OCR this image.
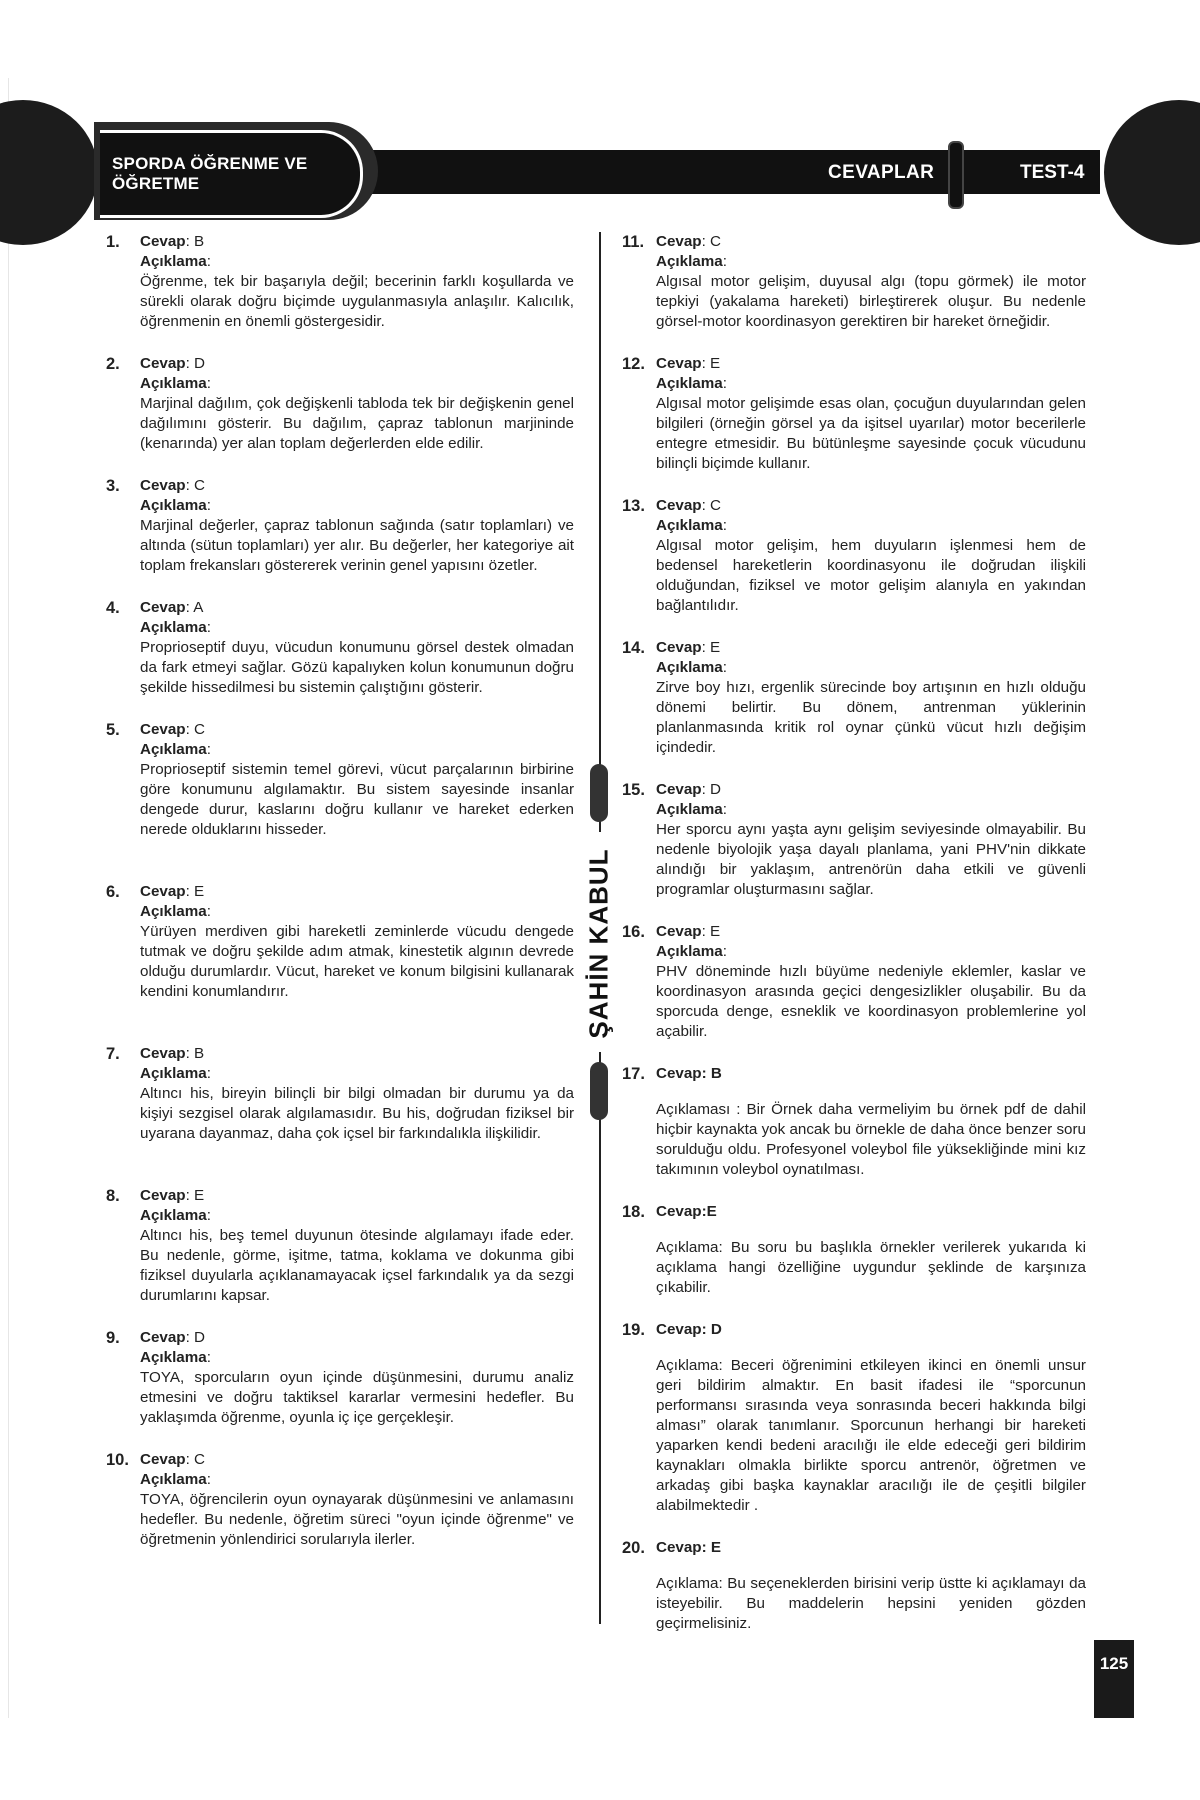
SPORDA ÖĞRENME VE ÖĞRETME
CEVAPLAR	TEST-4
ŞAHİN KABUL
1. Cevap: B
Açıklama:
Öğrenme, tek bir başarıyla değil; becerinin farklı koşullarda ve sürekli olarak doğru biçimde uygulanmasıyla anlaşılır. Kalıcılık, öğrenmenin en önemli göstergesidir.
2. Cevap: D
Açıklama:
Marjinal dağılım, çok değişkenli tabloda tek bir değişkenin genel dağılımını gösterir. Bu dağılım, çapraz tablonun marjininde (kenarında) yer alan toplam değerlerden elde edilir.
3. Cevap: C
Açıklama:
Marjinal değerler, çapraz tablonun sağında (satır toplamları) ve altında (sütun toplamları) yer alır. Bu değerler, her kategoriye ait toplam frekansları göstererek verinin genel yapısını özetler.
4. Cevap: A
Açıklama:
Proprioseptif duyu, vücudun konumunu görsel destek olmadan da fark etmeyi sağlar. Gözü kapalıyken kolun konumunun doğru şekilde hissedilmesi bu sistemin çalıştığını gösterir.
5. Cevap: C
Açıklama:
Proprioseptif sistemin temel görevi, vücut parçalarının birbirine göre konumunu algılamaktır. Bu sistem sayesinde insanlar dengede durur, kaslarını doğru kullanır ve hareket ederken nerede olduklarını hisseder.
6. Cevap: E
Açıklama:
Yürüyen merdiven gibi hareketli zeminlerde vücudu dengede tutmak ve doğru şekilde adım atmak, kinestetik algının devrede olduğu durumlardır. Vücut, hareket ve konum bilgisini kullanarak kendini konumlandırır.
7. Cevap: B
Açıklama:
Altıncı his, bireyin bilinçli bir bilgi olmadan bir durumu ya da kişiyi sezgisel olarak algılamasıdır. Bu his, doğrudan fiziksel bir uyarana dayanmaz, daha çok içsel bir farkındalıkla ilişkilidir.
8. Cevap: E
Açıklama:
Altıncı his, beş temel duyunun ötesinde algılamayı ifade eder. Bu nedenle, görme, işitme, tatma, koklama ve dokunma gibi fiziksel duyularla açıklanamayacak içsel farkındalık ya da sezgi durumlarını kapsar.
9. Cevap: D
Açıklama:
TOYA, sporcuların oyun içinde düşünmesini, durumu analiz etmesini ve doğru taktiksel kararlar vermesini hedefler. Bu yaklaşımda öğrenme, oyunla iç içe gerçekleşir.
10. Cevap: C
Açıklama:
TOYA, öğrencilerin oyun oynayarak düşünmesini ve anlamasını hedefler. Bu nedenle, öğretim süreci "oyun içinde öğrenme" ve öğretmenin yönlendirici sorularıyla ilerler.
11. Cevap: C
Açıklama:
Algısal motor gelişim, duyusal algı (topu görmek) ile motor tepkiyi (yakalama hareketi) birleştirerek oluşur. Bu nedenle görsel-motor koordinasyon gerektiren bir hareket örneğidir.
12. Cevap: E
Açıklama:
Algısal motor gelişimde esas olan, çocuğun duyularından gelen bilgileri (örneğin görsel ya da işitsel uyarılar) motor becerilerle entegre etmesidir. Bu bütünleşme sayesinde çocuk vücudunu bilinçli biçimde kullanır.
13. Cevap: C
Açıklama:
Algısal motor gelişim, hem duyuların işlenmesi hem de bedensel hareketlerin koordinasyonu ile doğrudan ilişkili olduğundan, fiziksel ve motor gelişim alanıyla en yakından bağlantılıdır.
14. Cevap: E
Açıklama:
Zirve boy hızı, ergenlik sürecinde boy artışının en hızlı olduğu dönemi belirtir. Bu dönem, antrenman yüklerinin planlanmasında kritik rol oynar çünkü vücut hızlı değişim içindedir.
15. Cevap: D
Açıklama:
Her sporcu aynı yaşta aynı gelişim seviyesinde olmayabilir. Bu nedenle biyolojik yaşa dayalı planlama, yani PHV'nin dikkate alındığı bir yaklaşım, antrenörün daha etkili ve güvenli programlar oluşturmasını sağlar.
16. Cevap: E
Açıklama:
PHV döneminde hızlı büyüme nedeniyle eklemler, kaslar ve koordinasyon arasında geçici dengesizlikler oluşabilir. Bu da sporcuda denge, esneklik ve koordinasyon problemlerine yol açabilir.
17. Cevap: B
Açıklaması : Bir Örnek daha vermeliyim bu örnek pdf de dahil hiçbir kaynakta yok ancak bu örnekle de daha önce benzer soru sorulduğu oldu. Profesyonel voleybol file yüksekliğinde mini kız takımının voleybol oynatılması.
18. Cevap:E
Açıklama: Bu soru bu başlıkla örnekler verilerek yukarıda ki açıklama hangi özelliğine uygundur şeklinde de karşınıza çıkabilir.
19. Cevap: D
Açıklama: Beceri öğrenimini etkileyen ikinci en önemli unsur geri bildirim almaktır. En basit ifadesi ile “sporcunun performansı sırasında veya sonrasında beceri hakkında bilgi alması” olarak tanımlanır. Sporcunun herhangi bir hareketi yaparken kendi bedeni aracılığı ile elde edeceği geri bildirim kaynakları olmakla birlikte sporcu antrenör, öğretmen ve arkadaş gibi başka kaynaklar aracılığı ile de çeşitli bilgiler alabilmektedir .
20. Cevap: E
Açıklama: Bu seçeneklerden birisini verip üstte ki açıklamayı da isteyebilir. Bu maddelerin hepsini yeniden gözden geçirmelisiniz.
125
